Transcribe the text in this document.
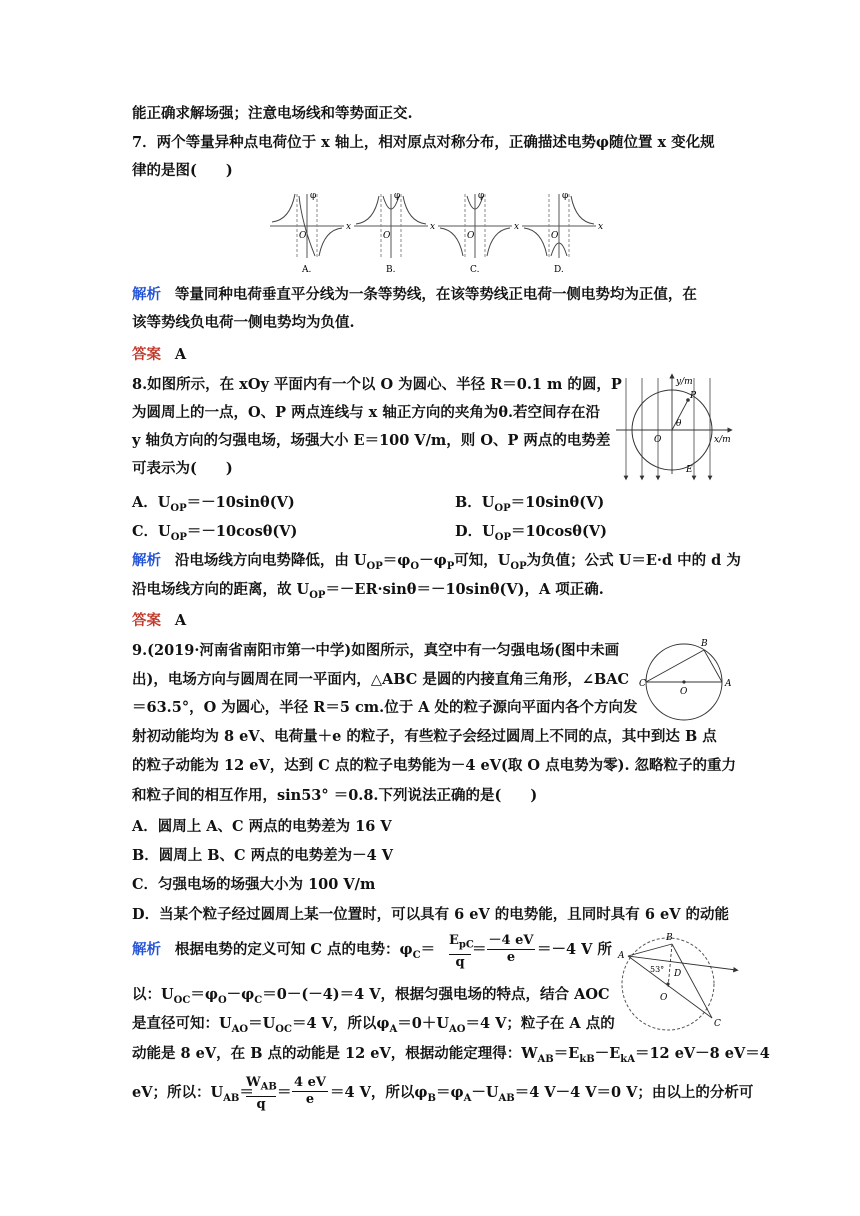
能正确求解场强；注意电场线和等势面正交.
7．两个等量异种点电荷位于 x 轴上，相对原点对称分布，正确描述电势φ随位置 x 变化规
律的是图(　　)
φ
x
O
A.
φ
x
O
B.
φ
x
O
C.
φ
x
O
D.
解析 等量同种电荷垂直平分线为一条等势线，在该等势线正电荷一侧电势均为正值，在
该等势线负电荷一侧电势均为负值.
答案 A
8.如图所示，在 xOy 平面内有一个以 O 为圆心、半径 R＝0.1 m 的圆，P
为圆周上的一点，O、P 两点连线与 x 轴正方向的夹角为θ.若空间存在沿
y 轴负方向的匀强电场，场强大小 E＝100 V/m，则 O、P 两点的电势差
可表示为(　　)
y/m
x/m
O
P
θ
E
A．$U_{OP}=-10\sin\theta(V)$	B．$U_{OP}=10\sin\theta(V)$
C．$U_{OP}=-10\cos\theta(V)$	D．$U_{OP}=10\cos\theta(V)$
解析 沿电场线方向电势降低，由 $U_{OP}=\varphi_O-\varphi_P$可知，$U_{OP}$为负值；公式 U＝E·d 中的 d 为
沿电场线方向的距离，故 $U_{OP}=-ER\cdot\sin\theta=-10\sin\theta(V)$，A 项正确.
答案 A
9.(2019·河南省南阳市第一中学)如图所示，真空中有一匀强电场(图中未画
出)，电场方向与圆周在同一平面内，△ABC 是圆的内接直角三角形，∠BAC
＝63.5°，O 为圆心，半径 R＝5 cm.位于 A 处的粒子源向平面内各个方向发
射初动能均为 8 eV、电荷量＋e 的粒子，有些粒子会经过圆周上不同的点，其中到达 B 点
的粒子动能为 12 eV，达到 C 点的粒子电势能为－4 eV(取 O 点电势为零). 忽略粒子的重力
和粒子间的相互作用，sin53° ＝0.8.下列说法正确的是(　　)
A
B
C
O
A．圆周上 A、C 两点的电势差为 16 V
B．圆周上 B、C 两点的电势差为－4 V
C．匀强电场的场强大小为 100 V/m
D．当某个粒子经过圆周上某一位置时，可以具有 6 eV 的电势能，且同时具有 6 eV 的动能
解析 根据电势的定义可知 C 点的电势：$\varphi_C=$
$E_{pC}$
q
＝
－4 eV
e	＝－4 V 所
以：$U_{OC}=\varphi_O-\varphi_C=0-(-4)=4$ V，根据匀强电场的特点，结合 AOC
是直径可知：$U_{AO}=U_{OC}=4$ V，所以$\varphi_A=0+U_{AO}=4$ V；粒子在 A 点的
动能是 8 eV，在 B 点的动能是 12 eV，根据动能定理得：$W_{AB}=E_{kB}-E_{kA}=12$ eV－8 eV＝4
eV；所以：$U_{AB}=$
$W_{AB}$
q
＝
4 eV
e	＝4 V，所以$\varphi_B=\varphi_A-U_{AB}=4$ V－4 V＝0 V；由以上的分析可
A
B
C
D
O
53°
